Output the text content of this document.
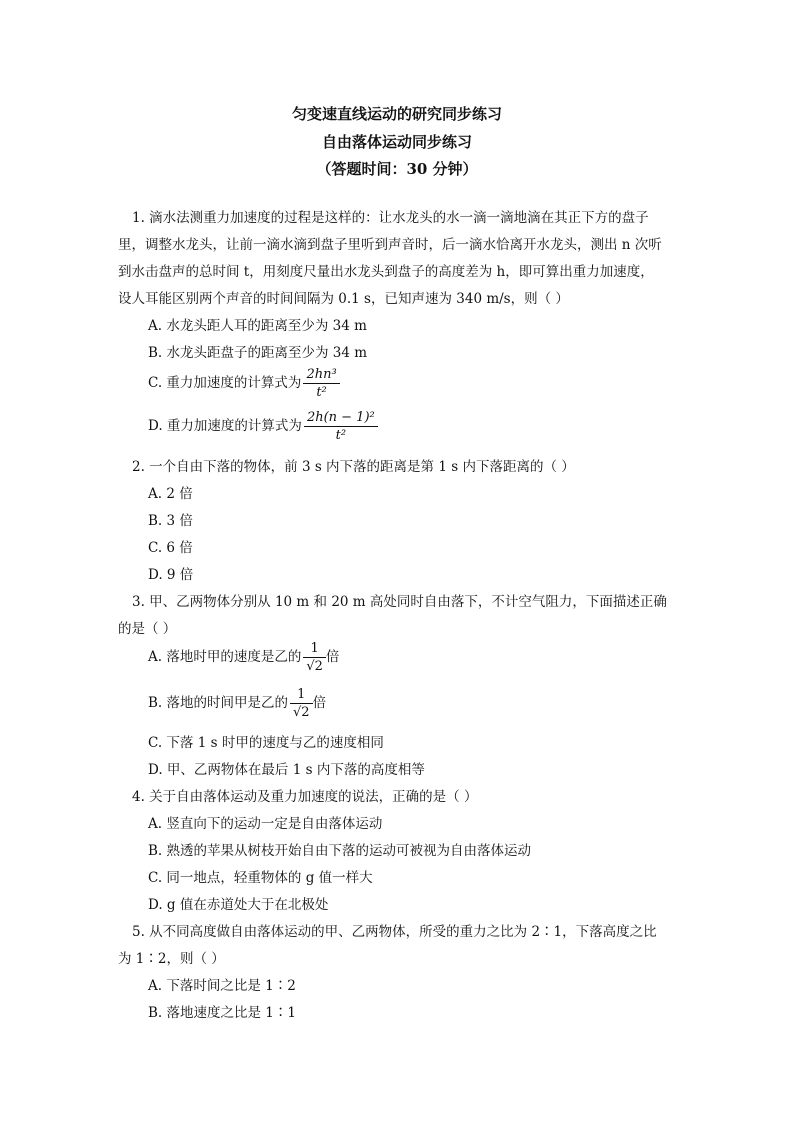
匀变速直线运动的研究同步练习
自由落体运动同步练习
（答题时间：30 分钟）
1. 滴水法测重力加速度的过程是这样的：让水龙头的水一滴一滴地滴在其正下方的盘子
里，调整水龙头，让前一滴水滴到盘子里听到声音时，后一滴水恰离开水龙头，测出 n 次听
到水击盘声的总时间 t，用刻度尺量出水龙头到盘子的高度差为 h，即可算出重力加速度，
设人耳能区别两个声音的时间间隔为 0.1 s，已知声速为 340 m/s，则（ ）
A. 水龙头距人耳的距离至少为 34 m
B. 水龙头距盘子的距离至少为 34 m
C. 重力加速度的计算式为 $\frac{\text{2hn³}}{\text{t²}}$
D. 重力加速度的计算式为 $\frac{\text{2h(n − 1)²}}{\text{t²}}$
2. 一个自由下落的物体，前 3 s 内下落的距离是第 1 s 内下落距离的（ ）
A. 2 倍
B. 3 倍
C. 6 倍
D. 9 倍
3. 甲、乙两物体分别从 10 m 和 20 m 高处同时自由落下，不计空气阻力，下面描述正确
的是（ ）
A. 落地时甲的速度是乙的 $\frac{1}{√2}$ 倍
B. 落地的时间甲是乙的 $\frac{1}{√2}$ 倍
C. 下落 1 s 时甲的速度与乙的速度相同
D. 甲、乙两物体在最后 1 s 内下落的高度相等
4. 关于自由落体运动及重力加速度的说法，正确的是（ ）
A. 竖直向下的运动一定是自由落体运动
B. 熟透的苹果从树枝开始自由下落的运动可被视为自由落体运动
C. 同一地点，轻重物体的 g 值一样大
D. g 值在赤道处大于在北极处
5. 从不同高度做自由落体运动的甲、乙两物体，所受的重力之比为 2∶1，下落高度之比
为 1∶2，则（ ）
A. 下落时间之比是 1∶2
B. 落地速度之比是 1∶1
